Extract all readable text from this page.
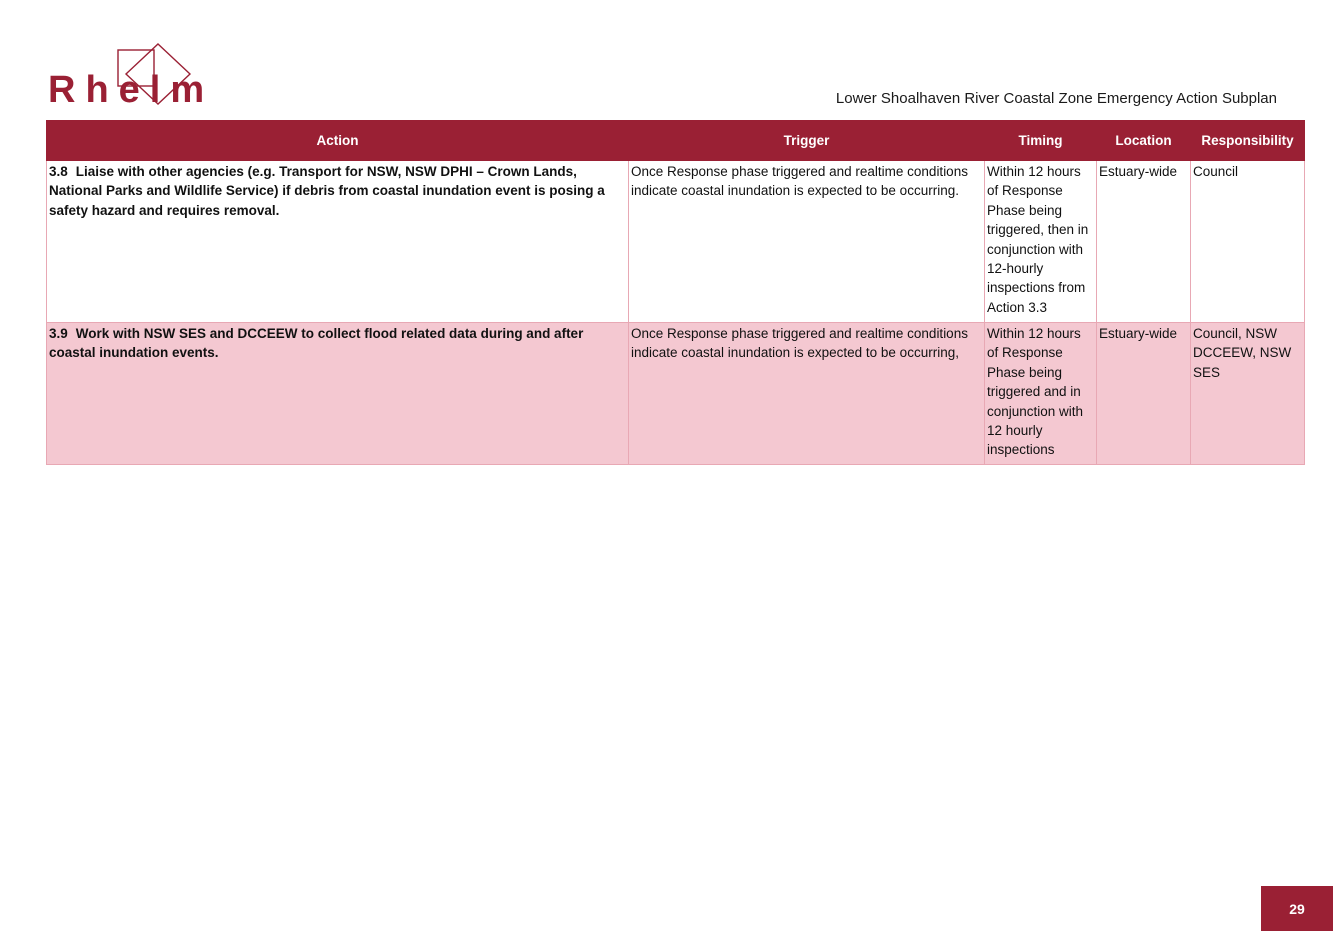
Rhelm	Lower Shoalhaven River Coastal Zone Emergency Action Subplan
Action	Trigger	Timing	Location	Responsibility
3.8 Liaise with other agencies (e.g. Transport for NSW, NSW DPHI – Crown Lands, National Parks and Wildlife Service) if debris from coastal inundation event is posing a safety hazard and requires removal.	Once Response phase triggered and realtime conditions indicate coastal inundation is expected to be occurring.	Within 12 hours of Response Phase being triggered, then in conjunction with 12-hourly inspections from Action 3.3	Estuary-wide	Council
3.9 Work with NSW SES and DCCEEW to collect flood related data during and after coastal inundation events.	Once Response phase triggered and realtime conditions indicate coastal inundation is expected to be occurring,	Within 12 hours of Response Phase being triggered and in conjunction with 12 hourly inspections	Estuary-wide	Council, NSW DCCEEW, NSW SES
29
